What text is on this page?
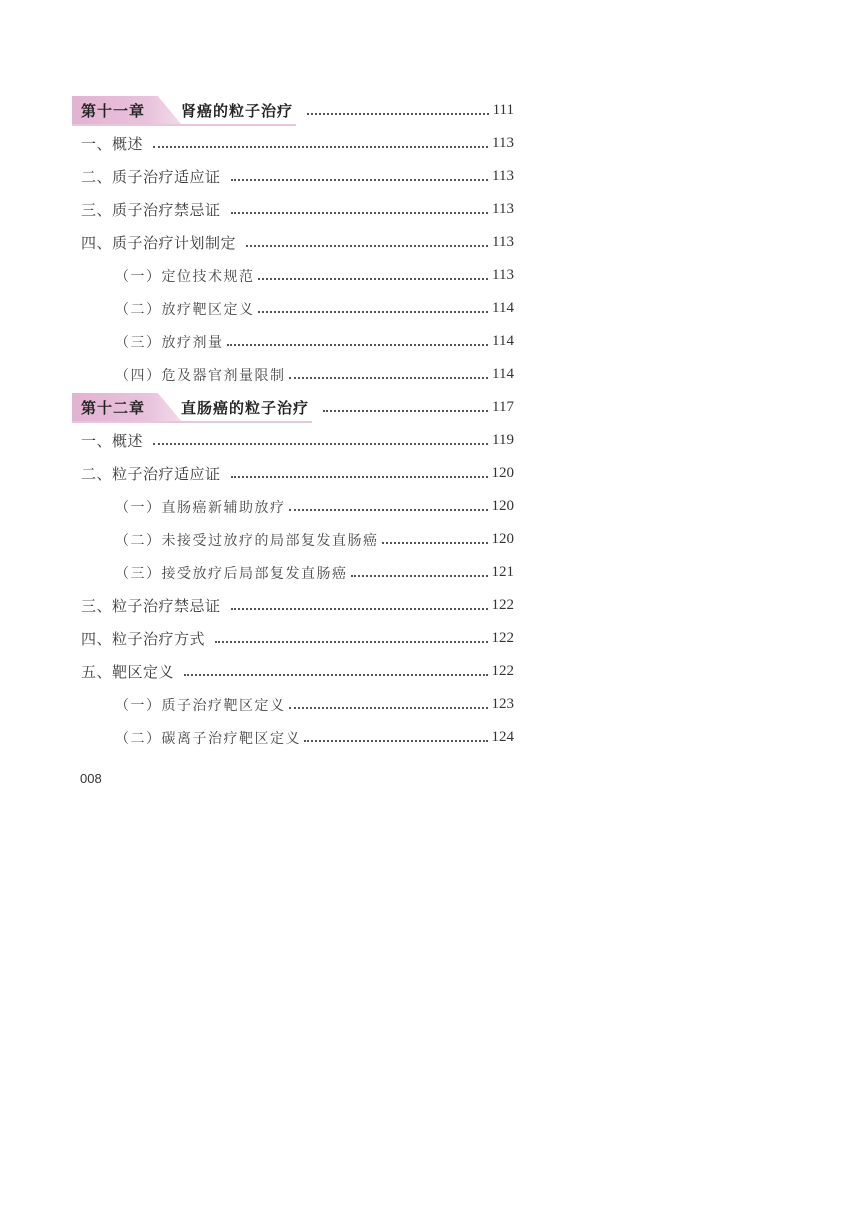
第十一章	肾癌的粒子治疗	111
一、概述	113
二、质子治疗适应证	113
三、质子治疗禁忌证	113
四、质子治疗计划制定	113
（一）定位技术规范	113
（二）放疗靶区定义	114
（三）放疗剂量	114
（四）危及器官剂量限制	114
第十二章	直肠癌的粒子治疗	117
一、概述	119
二、粒子治疗适应证	120
（一）直肠癌新辅助放疗	120
（二）未接受过放疗的局部复发直肠癌	120
（三）接受放疗后局部复发直肠癌	121
三、粒子治疗禁忌证	122
四、粒子治疗方式	122
五、靶区定义	122
（一）质子治疗靶区定义	123
（二）碳离子治疗靶区定义	124
008
